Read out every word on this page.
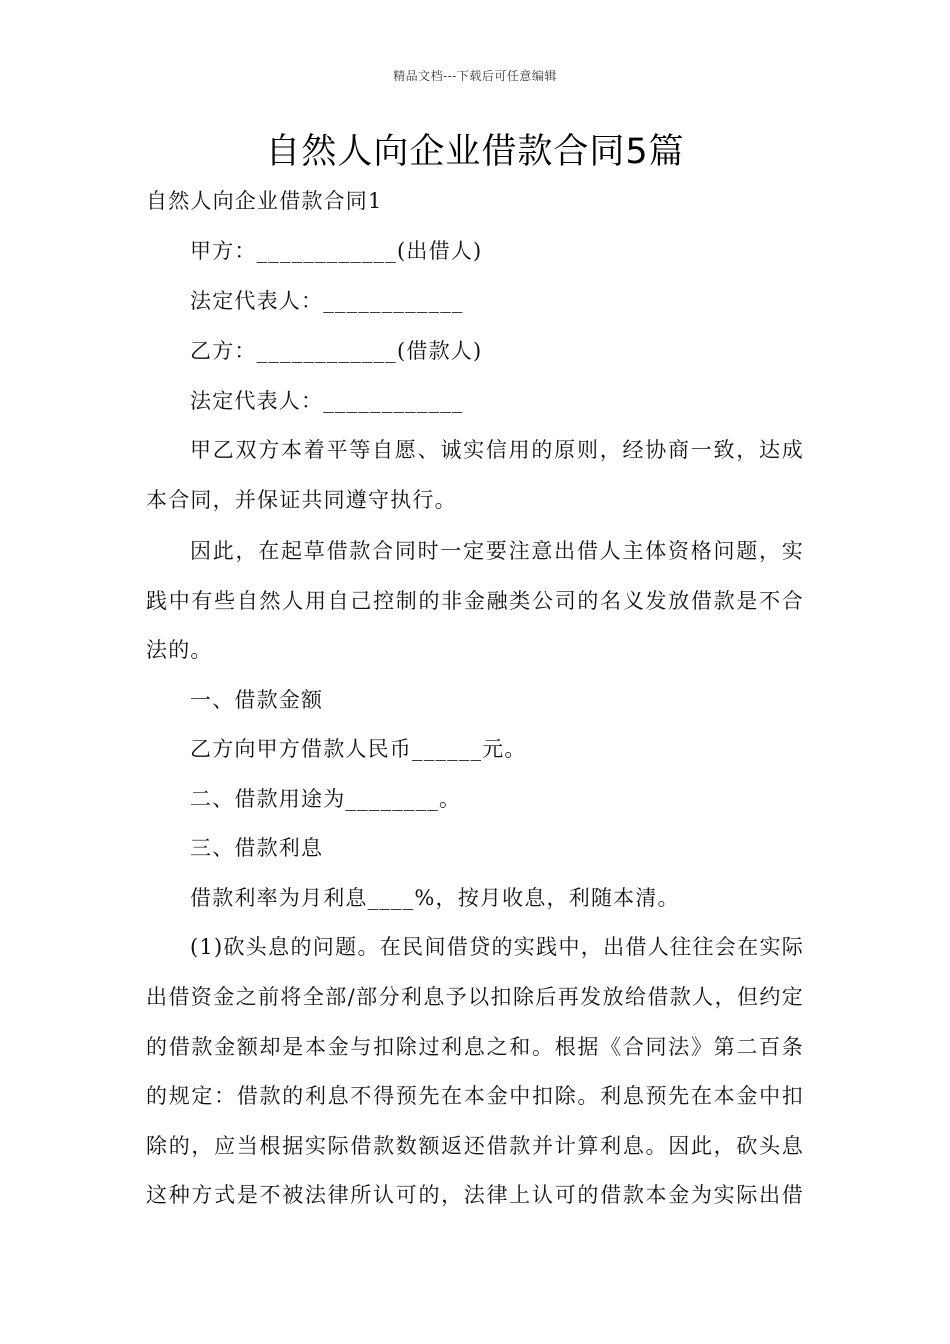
精品文档---下载后可任意编辑
自然人向企业借款合同5篇
自然人向企业借款合同1
甲方：____________(出借人)
法定代表人：____________
乙方：____________(借款人)
法定代表人：____________
甲乙双方本着平等自愿、诚实信用的原则，经协商一致，达成
本合同，并保证共同遵守执行。
因此，在起草借款合同时一定要注意出借人主体资格问题，实
践中有些自然人用自己控制的非金融类公司的名义发放借款是不合
法的。
一、借款金额
乙方向甲方借款人民币______元。
二、借款用途为________。
三、借款利息
借款利率为月利息____%，按月收息，利随本清。
(1)砍头息的问题。在民间借贷的实践中，出借人往往会在实际
出借资金之前将全部/部分利息予以扣除后再发放给借款人，但约定
的借款金额却是本金与扣除过利息之和。根据《合同法》第二百条
的规定：借款的利息不得预先在本金中扣除。利息预先在本金中扣
除的，应当根据实际借款数额返还借款并计算利息。因此，砍头息
这种方式是不被法律所认可的，法律上认可的借款本金为实际出借
